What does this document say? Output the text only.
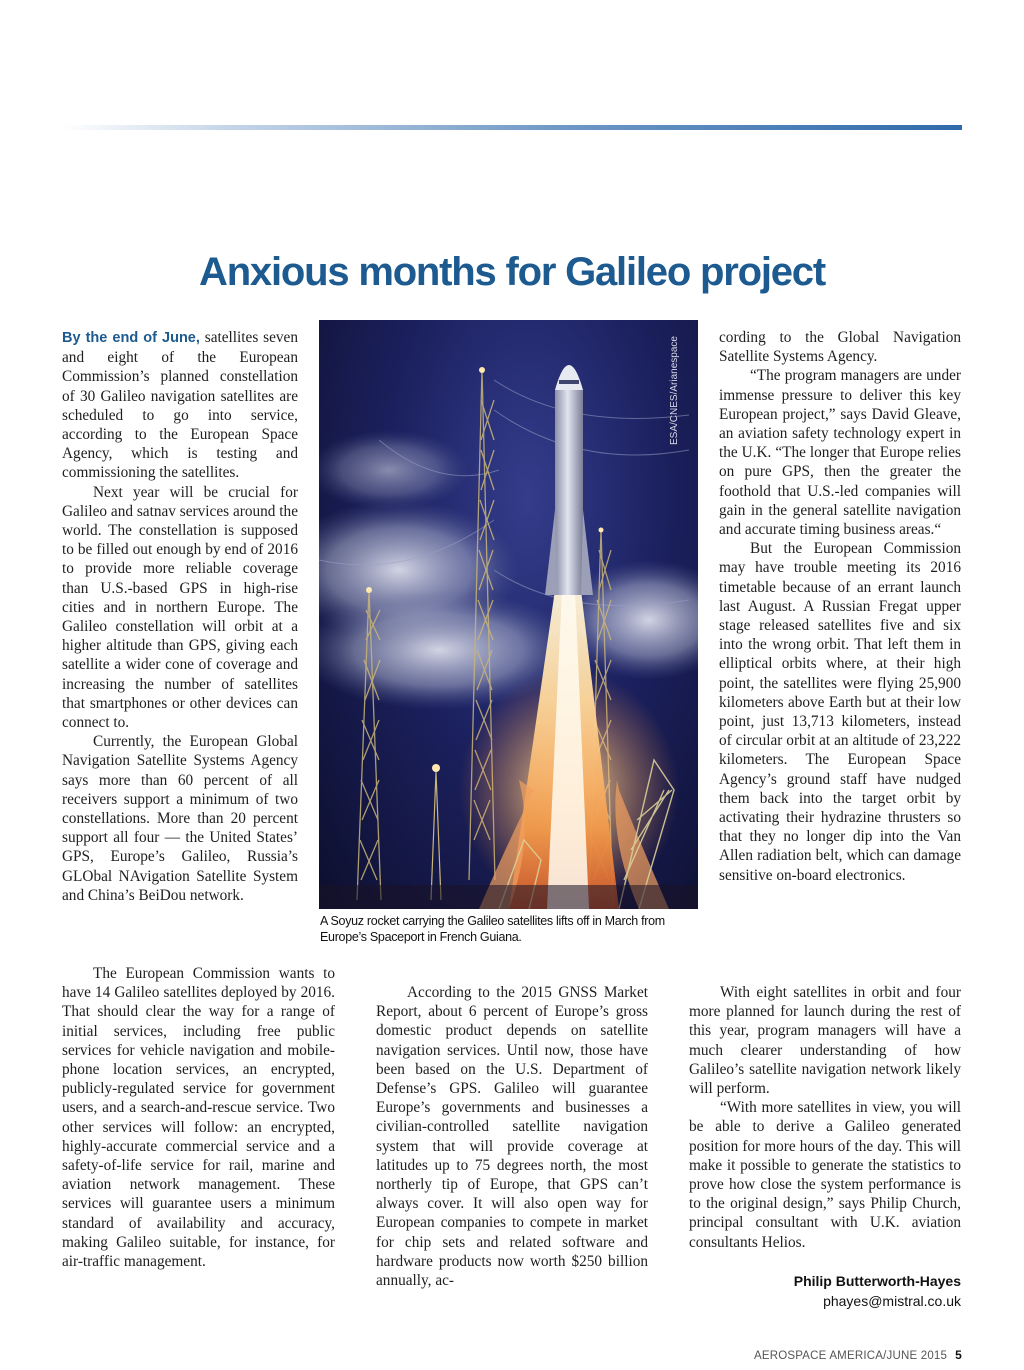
Anxious months for Galileo project

By the end of June, satellites seven and eight of the European Commission’s planned constellation of 30 Galileo navigation satellites are scheduled to go into service, according to the European Space Agency, which is testing and commissioning the satellites.

Next year will be crucial for Galileo and satnav services around the world. The constellation is supposed to be filled out enough by end of 2016 to provide more reliable coverage than U.S.-based GPS in high-rise cities and in northern Europe. The Galileo constellation will orbit at a higher altitude than GPS, giving each satellite a wider cone of coverage and increasing the number of satellites that smartphones or other devices can connect to.

Currently, the European Global Navigation Satellite Systems Agency says more than 60 percent of all receivers support a minimum of two constellations. More than 20 percent support all four — the United States’ GPS, Europe’s Galileo, Russia’s GLObal NAvigation Satellite System and China’s BeiDou network.

The European Commission wants to have 14 Galileo satellites deployed by 2016. That should clear the way for a range of initial services, including free public services for vehicle navigation and mobile-phone location services, an encrypted, publicly-regulated service for government users, and a search-and-rescue service. Two other services will follow: an encrypted, highly-accurate commercial service and a safety-of-life service for rail, marine and aviation network management. These services will guarantee users a minimum standard of availability and accuracy, making Galileo suitable, for instance, for air-traffic management.

ESA/CNES/Arianespace
A Soyuz rocket carrying the Galileo satellites lifts off in March from Europe’s Spaceport in French Guiana.

According to the 2015 GNSS Market Report, about 6 percent of Europe’s gross domestic product depends on satellite navigation services. Until now, those have been based on the U.S. Department of Defense’s GPS. Galileo will guarantee Europe’s governments and businesses a civilian-controlled satellite navigation system that will provide coverage at latitudes up to 75 degrees north, the most northerly tip of Europe, that GPS can’t always cover. It will also open way for European companies to compete in market for chip sets and related software and hardware products now worth $250 billion annually, ac-

cording to the Global Navigation Satellite Systems Agency.

“The program managers are under immense pressure to deliver this key European project,” says David Gleave, an aviation safety technology expert in the U.K. “The longer that Europe relies on pure GPS, then the greater the foothold that U.S.-led companies will gain in the general satellite navigation and accurate timing business areas.“

But the European Commission may have trouble meeting its 2016 timetable because of an errant launch last August. A Russian Fregat upper stage released satellites five and six into the wrong orbit. That left them in elliptical orbits where, at their high point, the satellites were flying 25,900 kilometers above Earth but at their low point, just 13,713 kilometers, instead of circular orbit at an altitude of 23,222 kilometers. The European Space Agency’s ground staff have nudged them back into the target orbit by activating their hydrazine thrusters so that they no longer dip into the Van Allen radiation belt, which can damage sensitive on-board electronics.

With eight satellites in orbit and four more planned for launch during the rest of this year, program managers will have a much clearer understanding of how Galileo’s satellite navigation network likely will perform.

“With more satellites in view, you will be able to derive a Galileo generated position for more hours of the day. This will make it possible to generate the statistics to prove how close the system performance is to the original design,” says Philip Church, principal consultant with U.K. aviation consultants Helios.

Philip Butterworth-Hayes
phayes@mistral.co.uk
AEROSPACE AMERICA/JUNE 2015 5
